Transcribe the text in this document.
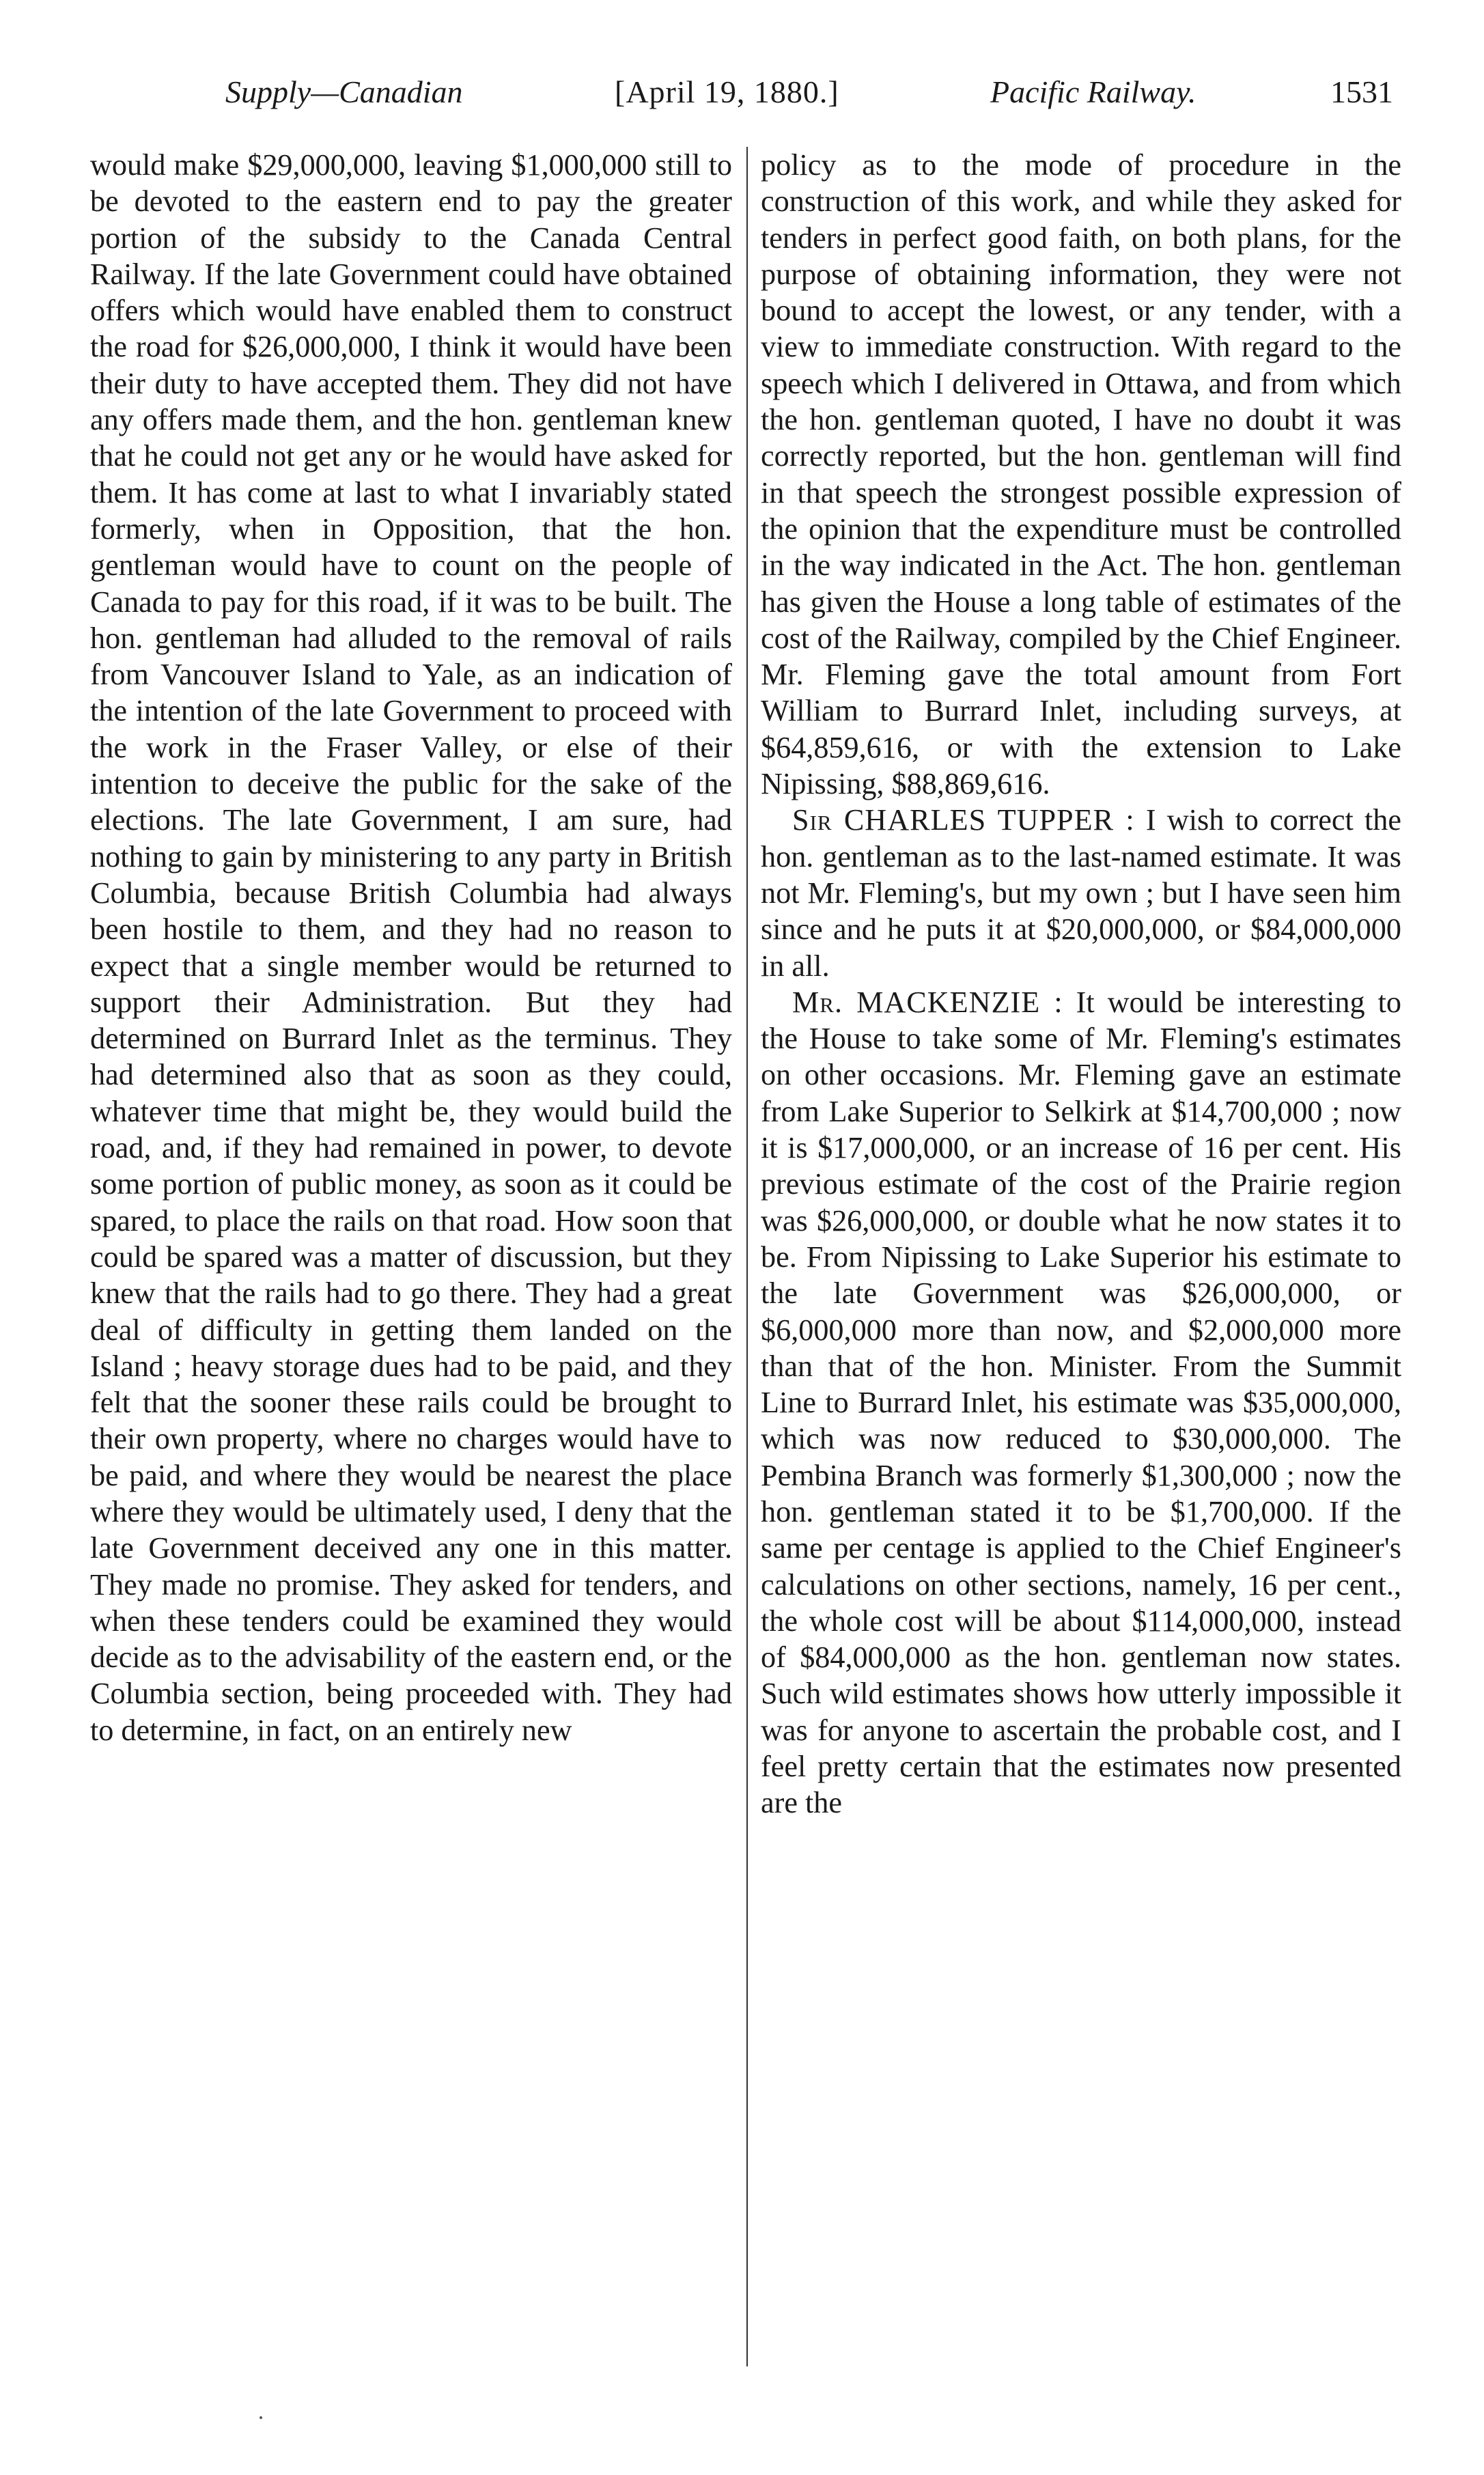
Supply—Canadian	[April 19, 1880.]	Pacific Railway.	1531

would make $29,000,000, leaving $1,000,000 still to be devoted to the eastern end to pay the greater portion of the subsidy to the Canada Central Railway. If the late Government could have obtained offers which would have enabled them to construct the road for $26,000,000, I think it would have been their duty to have accepted them. They did not have any offers made them, and the hon. gentleman knew that he could not get any or he would have asked for them. It has come at last to what I invariably stated formerly, when in Opposition, that the hon. gentleman would have to count on the people of Canada to pay for this road, if it was to be built. The hon. gentleman had alluded to the removal of rails from Vancouver Island to Yale, as an indication of the intention of the late Government to proceed with the work in the Fraser Valley, or else of their intention to deceive the public for the sake of the elections. The late Government, I am sure, had nothing to gain by ministering to any party in British Columbia, because British Columbia had always been hostile to them, and they had no reason to expect that a single member would be returned to support their Administration. But they had determined on Burrard Inlet as the terminus. They had determined also that as soon as they could, whatever time that might be, they would build the road, and, if they had remained in power, to devote some portion of public money, as soon as it could be spared, to place the rails on that road. How soon that could be spared was a matter of discussion, but they knew that the rails had to go there. They had a great deal of difficulty in getting them landed on the Island ; heavy storage dues had to be paid, and they felt that the sooner these rails could be brought to their own property, where no charges would have to be paid, and where they would be nearest the place where they would be ultimately used, I deny that the late Government deceived any one in this matter. They made no promise. They asked for tenders, and when these tenders could be examined they would decide as to the advisability of the eastern end, or the Columbia section, being proceeded with. They had to determine, in fact, on an entirely new

policy as to the mode of procedure in the construction of this work, and while they asked for tenders in perfect good faith, on both plans, for the purpose of obtaining information, they were not bound to accept the lowest, or any tender, with a view to immediate construction. With regard to the speech which I delivered in Ottawa, and from which the hon. gentleman quoted, I have no doubt it was correctly reported, but the hon. gentleman will find in that speech the strongest possible expression of the opinion that the expenditure must be controlled in the way indicated in the Act. The hon. gentleman has given the House a long table of estimates of the cost of the Railway, compiled by the Chief Engineer. Mr. Fleming gave the total amount from Fort William to Burrard Inlet, including surveys, at $64,859,616, or with the extension to Lake Nipissing, $88,869,616.

Sir CHARLES TUPPER : I wish to correct the hon. gentleman as to the last-named estimate. It was not Mr. Fleming's, but my own ; but I have seen him since and he puts it at $20,000,000, or $84,000,000 in all.

Mr. MACKENZIE : It would be interesting to the House to take some of Mr. Fleming's estimates on other occasions. Mr. Fleming gave an estimate from Lake Superior to Selkirk at $14,700,000 ; now it is $17,000,000, or an increase of 16 per cent. His previous estimate of the cost of the Prairie region was $26,000,000, or double what he now states it to be. From Nipissing to Lake Superior his estimate to the late Government was $26,000,000, or $6,000,000 more than now, and $2,000,000 more than that of the hon. Minister. From the Summit Line to Burrard Inlet, his estimate was $35,000,000, which was now reduced to $30,000,000. The Pembina Branch was formerly $1,300,000 ; now the hon. gentleman stated it to be $1,700,000. If the same per centage is applied to the Chief Engineer's calculations on other sections, namely, 16 per cent., the whole cost will be about $114,000,000, instead of $84,000,000 as the hon. gentleman now states. Such wild estimates shows how utterly impossible it was for anyone to ascertain the probable cost, and I feel pretty certain that the estimates now presented are the
